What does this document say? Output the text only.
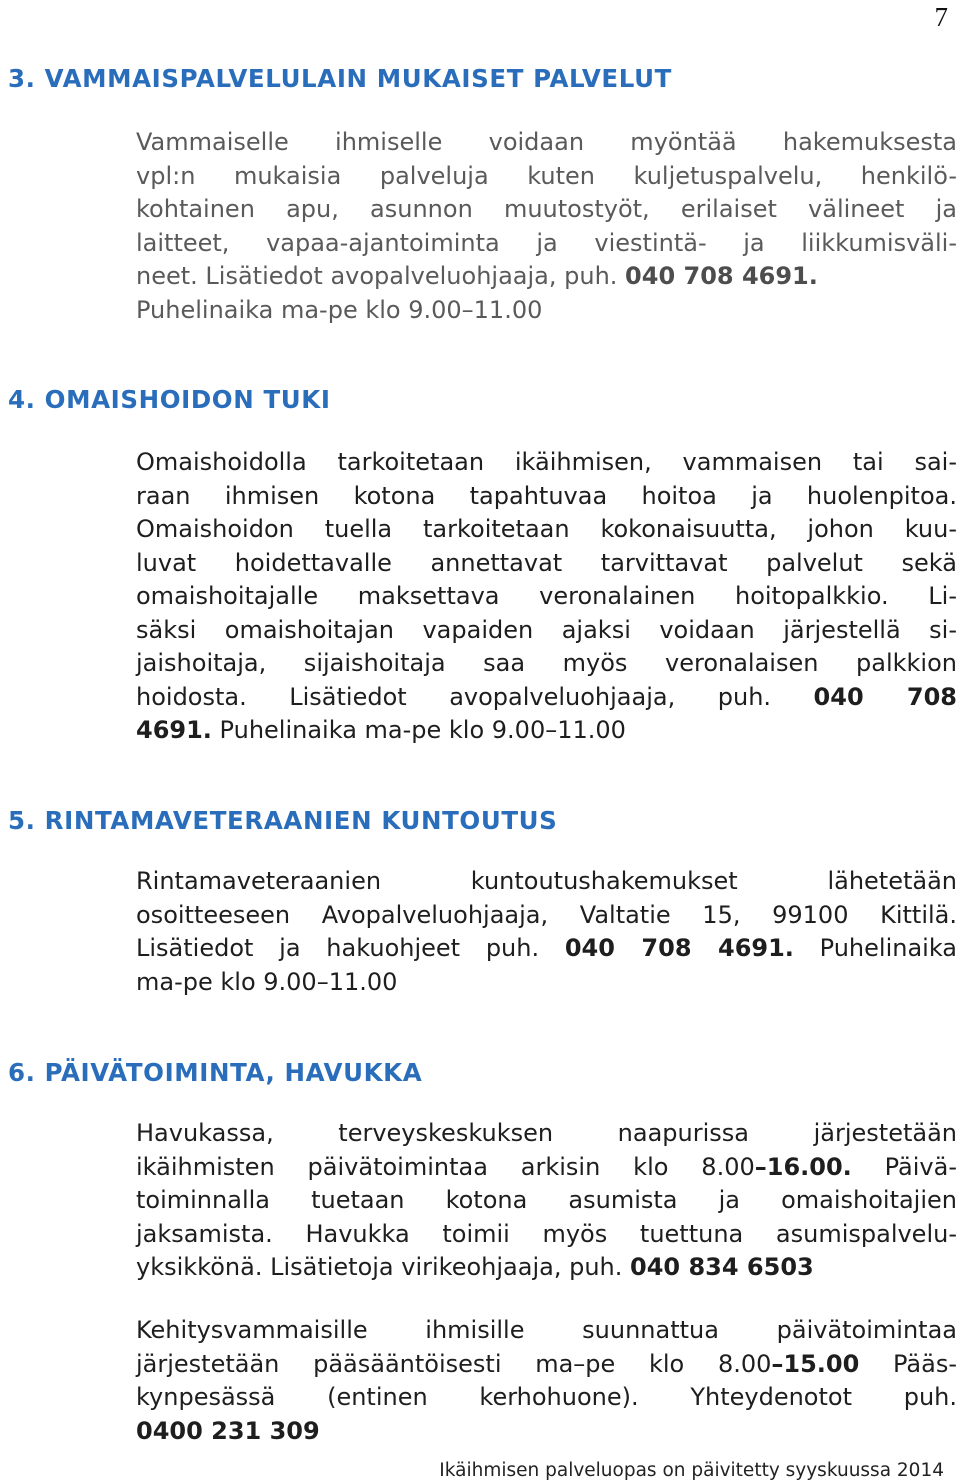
7
3. VAMMAISPALVELULAIN MUKAISET PALVELUT
Vammaiselle ihmiselle voidaan myöntää hakemuksesta
vpl:n mukaisia palveluja kuten kuljetuspalvelu, henkilö-
kohtainen apu, asunnon muutostyöt, erilaiset välineet ja
laitteet, vapaa-ajantoiminta ja viestintä- ja liikkumisväli-
neet. Lisätiedot avopalveluohjaaja, puh. 040 708 4691.
Puhelinaika ma-pe klo 9.00–11.00
4. OMAISHOIDON TUKI
Omaishoidolla tarkoitetaan ikäihmisen, vammaisen tai sai-
raan ihmisen kotona tapahtuvaa hoitoa ja huolenpitoa.
Omaishoidon tuella tarkoitetaan kokonaisuutta, johon kuu-
luvat hoidettavalle annettavat tarvittavat palvelut sekä
omaishoitajalle maksettava veronalainen hoitopalkkio. Li-
säksi omaishoitajan vapaiden ajaksi voidaan järjestellä si-
jaishoitaja, sijaishoitaja saa myös veronalaisen palkkion
hoidosta. Lisätiedot avopalveluohjaaja, puh. 040 708
4691. Puhelinaika ma-pe klo 9.00–11.00
5. RINTAMAVETERAANIEN KUNTOUTUS
Rintamaveteraanien kuntoutushakemukset lähetetään
osoitteeseen Avopalveluohjaaja, Valtatie 15, 99100 Kittilä.
Lisätiedot ja hakuohjeet puh. 040 708 4691. Puhelinaika
ma-pe klo 9.00–11.00
6. PÄIVÄTOIMINTA, HAVUKKA
Havukassa, terveyskeskuksen naapurissa järjestetään
ikäihmisten päivätoimintaa arkisin klo 8.00–16.00. Päivä-
toiminnalla tuetaan kotona asumista ja omaishoitajien
jaksamista. Havukka toimii myös tuettuna asumispalvelu-
yksikkönä. Lisätietoja virikeohjaaja, puh. 040 834 6503
Kehitysvammaisille ihmisille suunnattua päivätoimintaa
järjestetään pääsääntöisesti ma–pe klo 8.00–15.00 Pääs-
kynpesässä (entinen kerhohuone). Yhteydenotot puh.
0400 231 309
Ikäihmisen palveluopas on päivitetty syyskuussa 2014
